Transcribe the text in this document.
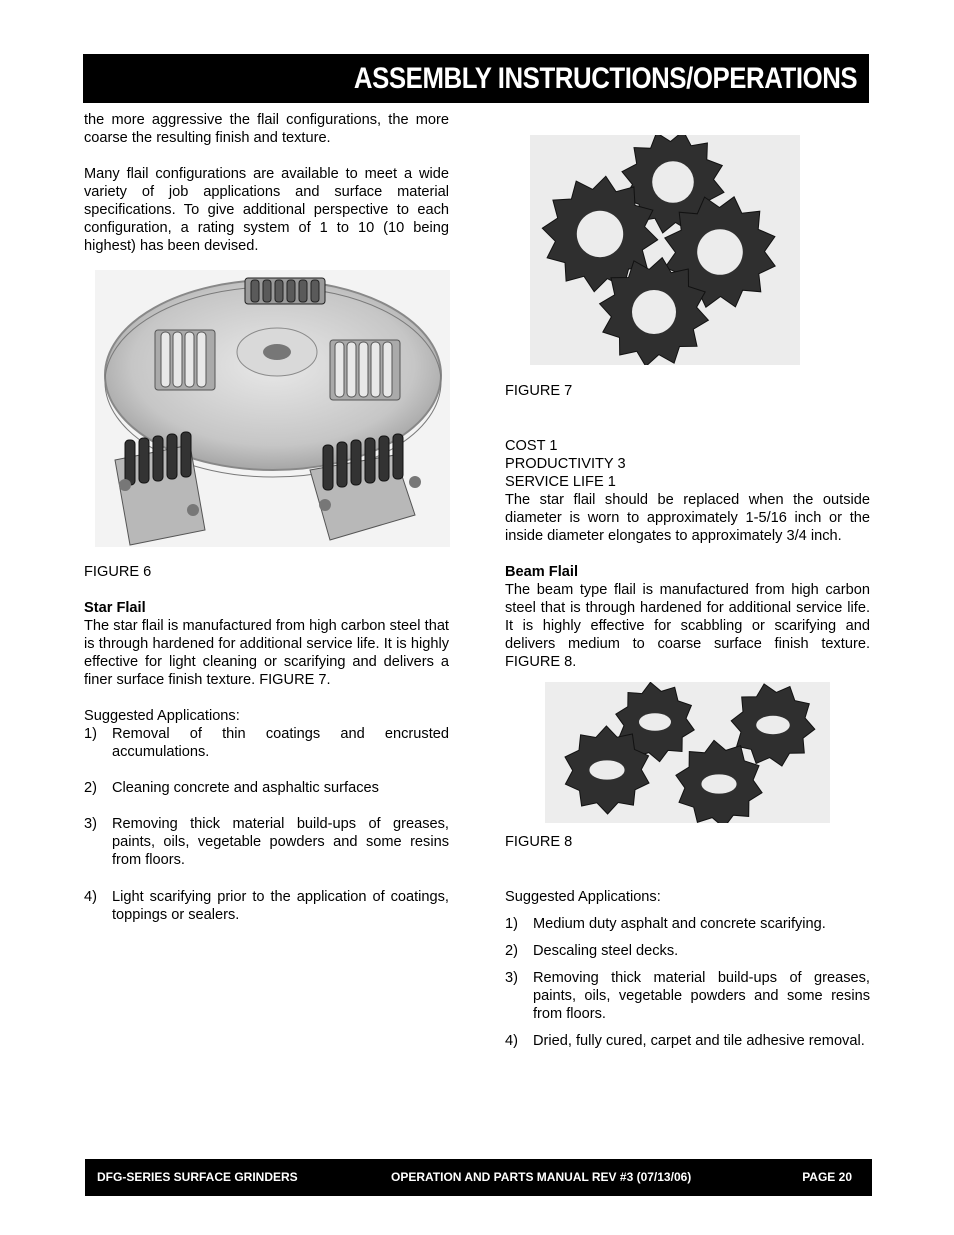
ASSEMBLY INSTRUCTIONS/OPERATIONS

the more aggressive the flail configurations, the more coarse the resulting finish and texture.

Many flail configurations are available to meet a wide variety of job applications and surface material specifications. To give additional perspective to each configuration, a rating system of 1 to 10 (10 being highest) has been devised.

FIGURE 6

Star Flail

The star flail is manufactured from high carbon steel that is through hardened for additional service life. It is highly effective for light cleaning or scarifying and delivers a finer surface finish texture. FIGURE 7.

Suggested Applications:

1) Removal of thin coatings and encrusted accumulations.
2) Cleaning concrete and asphaltic surfaces
3) Removing thick material build-ups of greases, paints, oils, vegetable powders and some resins from floors.
4) Light scarifying prior to the application of coatings, toppings or sealers.

FIGURE 7

COST 1

PRODUCTIVITY 3

SERVICE LIFE 1

The star flail should be replaced when the outside diameter is worn to approximately 1-5/16 inch or the inside diameter elongates to approximately 3/4 inch.

Beam Flail

The beam type flail is manufactured from high carbon steel that is through hardened for additional service life. It is highly effective for scabbling or scarifying and delivers medium to coarse surface finish texture. FIGURE 8.

FIGURE 8

Suggested Applications:

1) Medium duty asphalt and concrete scarifying.
2) Descaling steel decks.
3) Removing thick material build-ups of greases, paints, oils, vegetable powders and some resins from floors.
4) Dried, fully cured, carpet and tile adhesive removal.
DFG-SERIES SURFACE GRINDERS	OPERATION AND PARTS MANUAL REV #3 (07/13/06)	PAGE 20
